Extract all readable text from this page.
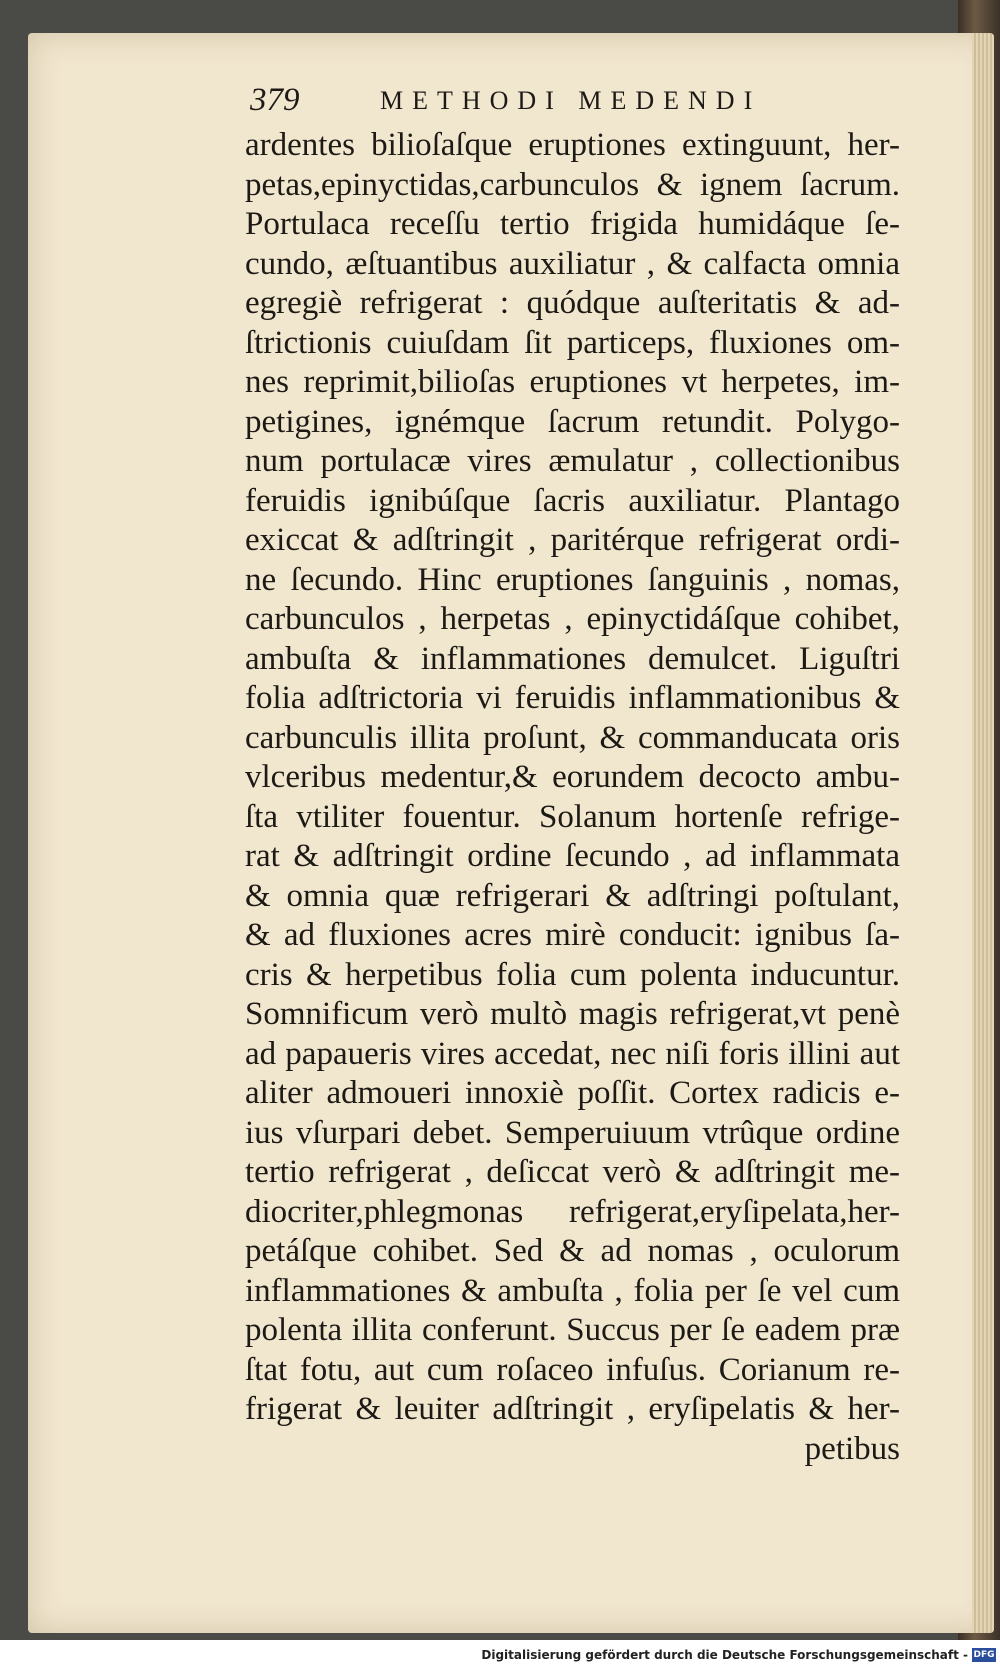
379	METHODI MEDENDI
ardentes bilioſaſque eruptiones extinguunt, her-
petas,epinyctidas,carbunculos & ignem ſacrum.
Portulaca receſſu tertio frigida humidáque ſe-
cundo, æſtuantibus auxiliatur , & calfacta omnia
egregiè refrigerat : quódque auſteritatis & ad-
ſtrictionis cuiuſdam ſit particeps, fluxiones om-
nes reprimit,bilioſas eruptiones vt herpetes, im-
petigines, ignémque ſacrum retundit. Polygo-
num portulacæ vires æmulatur , collectionibus
feruidis ignibúſque ſacris auxiliatur. Plantago
exiccat & adſtringit , paritérque refrigerat ordi-
ne ſecundo. Hinc eruptiones ſanguinis , nomas,
carbunculos , herpetas , epinyctidáſque cohibet,
ambuſta & inflammationes demulcet. Liguſtri
folia adſtrictoria vi feruidis inflammationibus &
carbunculis illita proſunt, & commanducata oris
vlceribus medentur,& eorundem decocto ambu-
ſta vtiliter fouentur. Solanum hortenſe refrige-
rat & adſtringit ordine ſecundo , ad inflammata
& omnia quæ refrigerari & adſtringi poſtulant,
& ad fluxiones acres mirè conducit: ignibus ſa-
cris & herpetibus folia cum polenta inducuntur.
Somnificum verò multò magis refrigerat,vt penè
ad papaueris vires accedat, nec niſi foris illini aut
aliter admoueri innoxiè poſſit. Cortex radicis e-
ius vſurpari debet. Semperuiuum vtrûque ordine
tertio refrigerat , deſiccat verò & adſtringit me-
diocriter,phlegmonas refrigerat,eryſipelata,her-
petáſque cohibet. Sed & ad nomas , oculorum
inflammationes & ambuſta , folia per ſe vel cum
polenta illita conferunt. Succus per ſe eadem præ
ſtat fotu, aut cum roſaceo infuſus. Corianum re-
frigerat & leuiter adſtringit , eryſipelatis & her-
petibus
Digitalisierung gefördert durch die Deutsche Forschungsgemeinschaft - DFG
